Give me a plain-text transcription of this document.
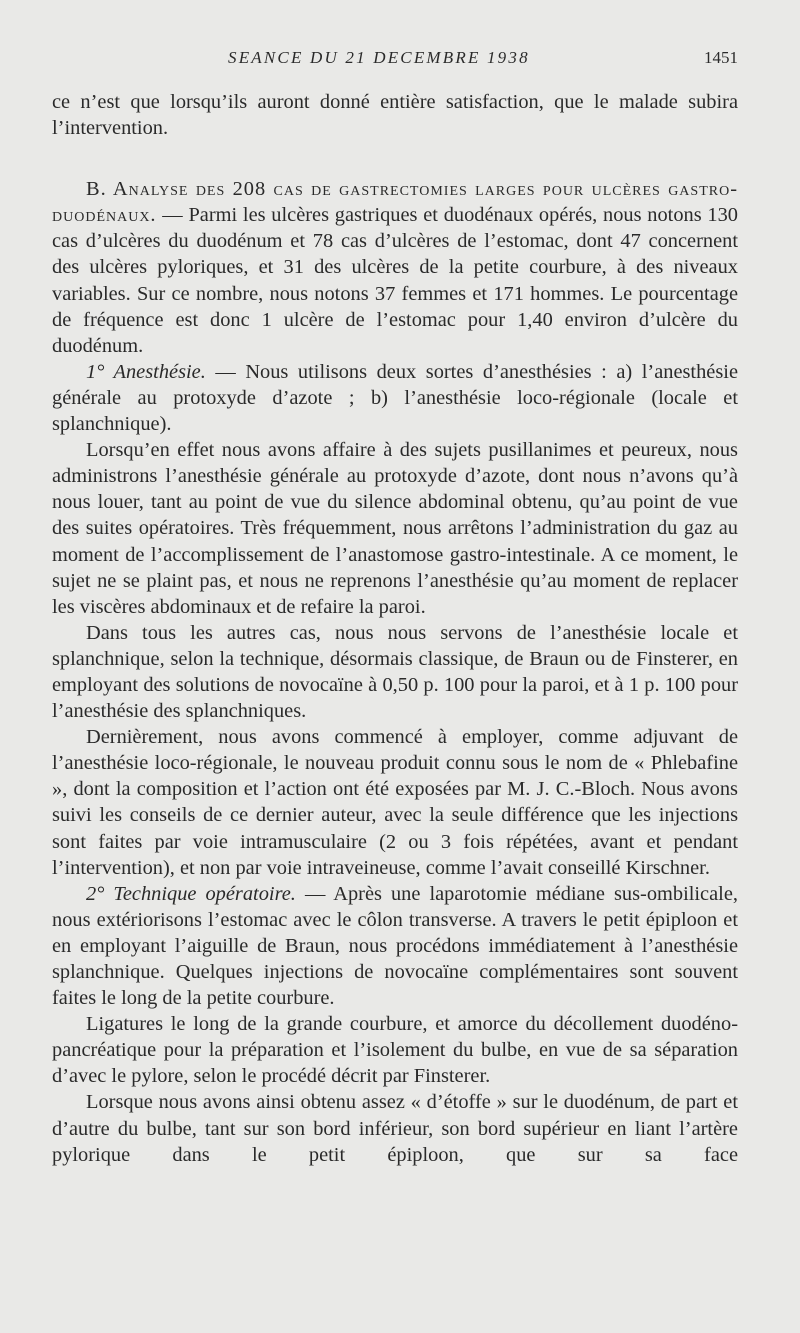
SEANCE DU 21 DECEMBRE 1938	1451

ce n’est que lorsqu’ils auront donné entière satisfaction, que le malade subira l’intervention.

B. Analyse des 208 cas de gastrectomies larges pour ulcères gastro-duodénaux. — Parmi les ulcères gastriques et duodénaux opérés, nous notons 130 cas d’ulcères du duodénum et 78 cas d’ulcères de l’estomac, dont 47 concernent des ulcères pyloriques, et 31 des ulcères de la petite courbure, à des niveaux variables. Sur ce nombre, nous notons 37 femmes et 171 hommes. Le pourcentage de fréquence est donc 1 ulcère de l’estomac pour 1,40 environ d’ulcère du duodénum.

1° Anesthésie. — Nous utilisons deux sortes d’anesthésies : a) l’anesthésie générale au protoxyde d’azote ; b) l’anesthésie loco-régionale (locale et splanchnique).

Lorsqu’en effet nous avons affaire à des sujets pusillanimes et peureux, nous administrons l’anesthésie générale au protoxyde d’azote, dont nous n’avons qu’à nous louer, tant au point de vue du silence abdominal obtenu, qu’au point de vue des suites opératoires. Très fréquemment, nous arrêtons l’administration du gaz au moment de l’accomplissement de l’anastomose gastro-intestinale. A ce moment, le sujet ne se plaint pas, et nous ne reprenons l’anesthésie qu’au moment de replacer les viscères abdominaux et de refaire la paroi.

Dans tous les autres cas, nous nous servons de l’anesthésie locale et splanchnique, selon la technique, désormais classique, de Braun ou de Finsterer, en employant des solutions de novocaïne à 0,50 p. 100 pour la paroi, et à 1 p. 100 pour l’anesthésie des splanchniques.

Dernièrement, nous avons commencé à employer, comme adjuvant de l’anesthésie loco-régionale, le nouveau produit connu sous le nom de « Phlebafine », dont la composition et l’action ont été exposées par M. J. C.-Bloch. Nous avons suivi les conseils de ce dernier auteur, avec la seule différence que les injections sont faites par voie intramusculaire (2 ou 3 fois répétées, avant et pendant l’intervention), et non par voie intraveineuse, comme l’avait conseillé Kirschner.

2° Technique opératoire. — Après une laparotomie médiane sus-ombilicale, nous extériorisons l’estomac avec le côlon transverse. A travers le petit épiploon et en employant l’aiguille de Braun, nous procédons immédiatement à l’anesthésie splanchnique. Quelques injections de novocaïne complémentaires sont souvent faites le long de la petite courbure.

Ligatures le long de la grande courbure, et amorce du décollement duodéno-pancréatique pour la préparation et l’isolement du bulbe, en vue de sa séparation d’avec le pylore, selon le procédé décrit par Finsterer.

Lorsque nous avons ainsi obtenu assez « d’étoffe » sur le duodénum, de part et d’autre du bulbe, tant sur son bord inférieur, son bord supérieur en liant l’artère pylorique dans le petit épiploon, que sur sa face
